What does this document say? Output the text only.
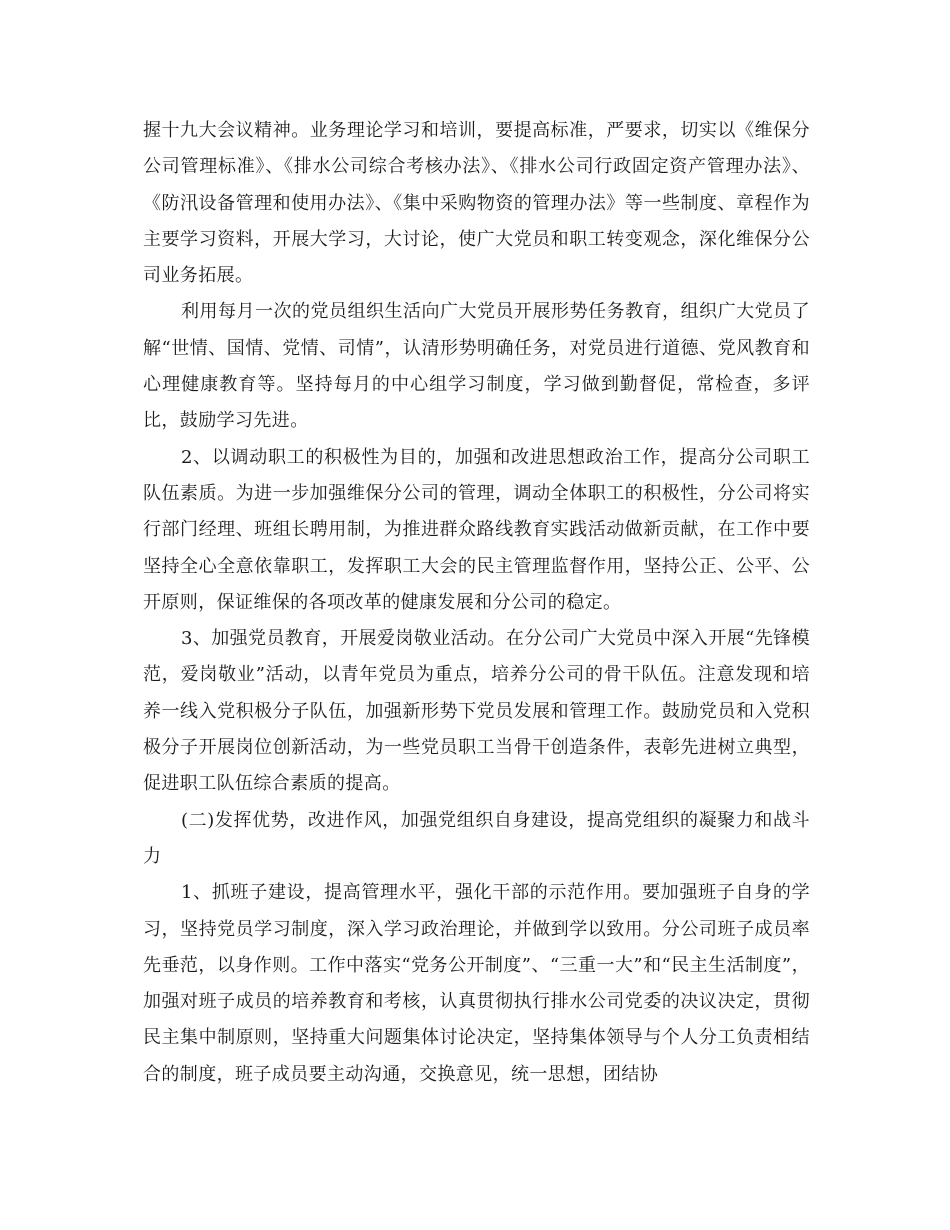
握十九大会议精神。业务理论学习和培训，要提高标准，严要求，切实以《维保分公司管理标准》、《排水公司综合考核办法》、《排水公司行政固定资产管理办法》、《防汛设备管理和使用办法》、《集中采购物资的管理办法》等一些制度、章程作为主要学习资料，开展大学习，大讨论，使广大党员和职工转变观念，深化维保分公司业务拓展。

利用每月一次的党员组织生活向广大党员开展形势任务教育，组织广大党员了解“世情、国情、党情、司情”，认清形势明确任务，对党员进行道德、党风教育和心理健康教育等。坚持每月的中心组学习制度，学习做到勤督促，常检查，多评比，鼓励学习先进。

2、以调动职工的积极性为目的，加强和改进思想政治工作，提高分公司职工队伍素质。为进一步加强维保分公司的管理，调动全体职工的积极性，分公司将实行部门经理、班组长聘用制，为推进群众路线教育实践活动做新贡献，在工作中要坚持全心全意依靠职工，发挥职工大会的民主管理监督作用，坚持公正、公平、公开原则，保证维保的各项改革的健康发展和分公司的稳定。

3、加强党员教育，开展爱岗敬业活动。在分公司广大党员中深入开展“先锋模范，爱岗敬业”活动，以青年党员为重点，培养分公司的骨干队伍。注意发现和培养一线入党积极分子队伍，加强新形势下党员发展和管理工作。鼓励党员和入党积极分子开展岗位创新活动，为一些党员职工当骨干创造条件，表彰先进树立典型，促进职工队伍综合素质的提高。

(二)发挥优势，改进作风，加强党组织自身建设，提高党组织的凝聚力和战斗力

1、抓班子建设，提高管理水平，强化干部的示范作用。要加强班子自身的学习，坚持党员学习制度，深入学习政治理论，并做到学以致用。分公司班子成员率先垂范，以身作则。工作中落实“党务公开制度”、“三重一大”和“民主生活制度”，加强对班子成员的培养教育和考核，认真贯彻执行排水公司党委的决议决定，贯彻民主集中制原则，坚持重大问题集体讨论决定，坚持集体领导与个人分工负责相结合的制度，班子成员要主动沟通，交换意见，统一思想，团结协
